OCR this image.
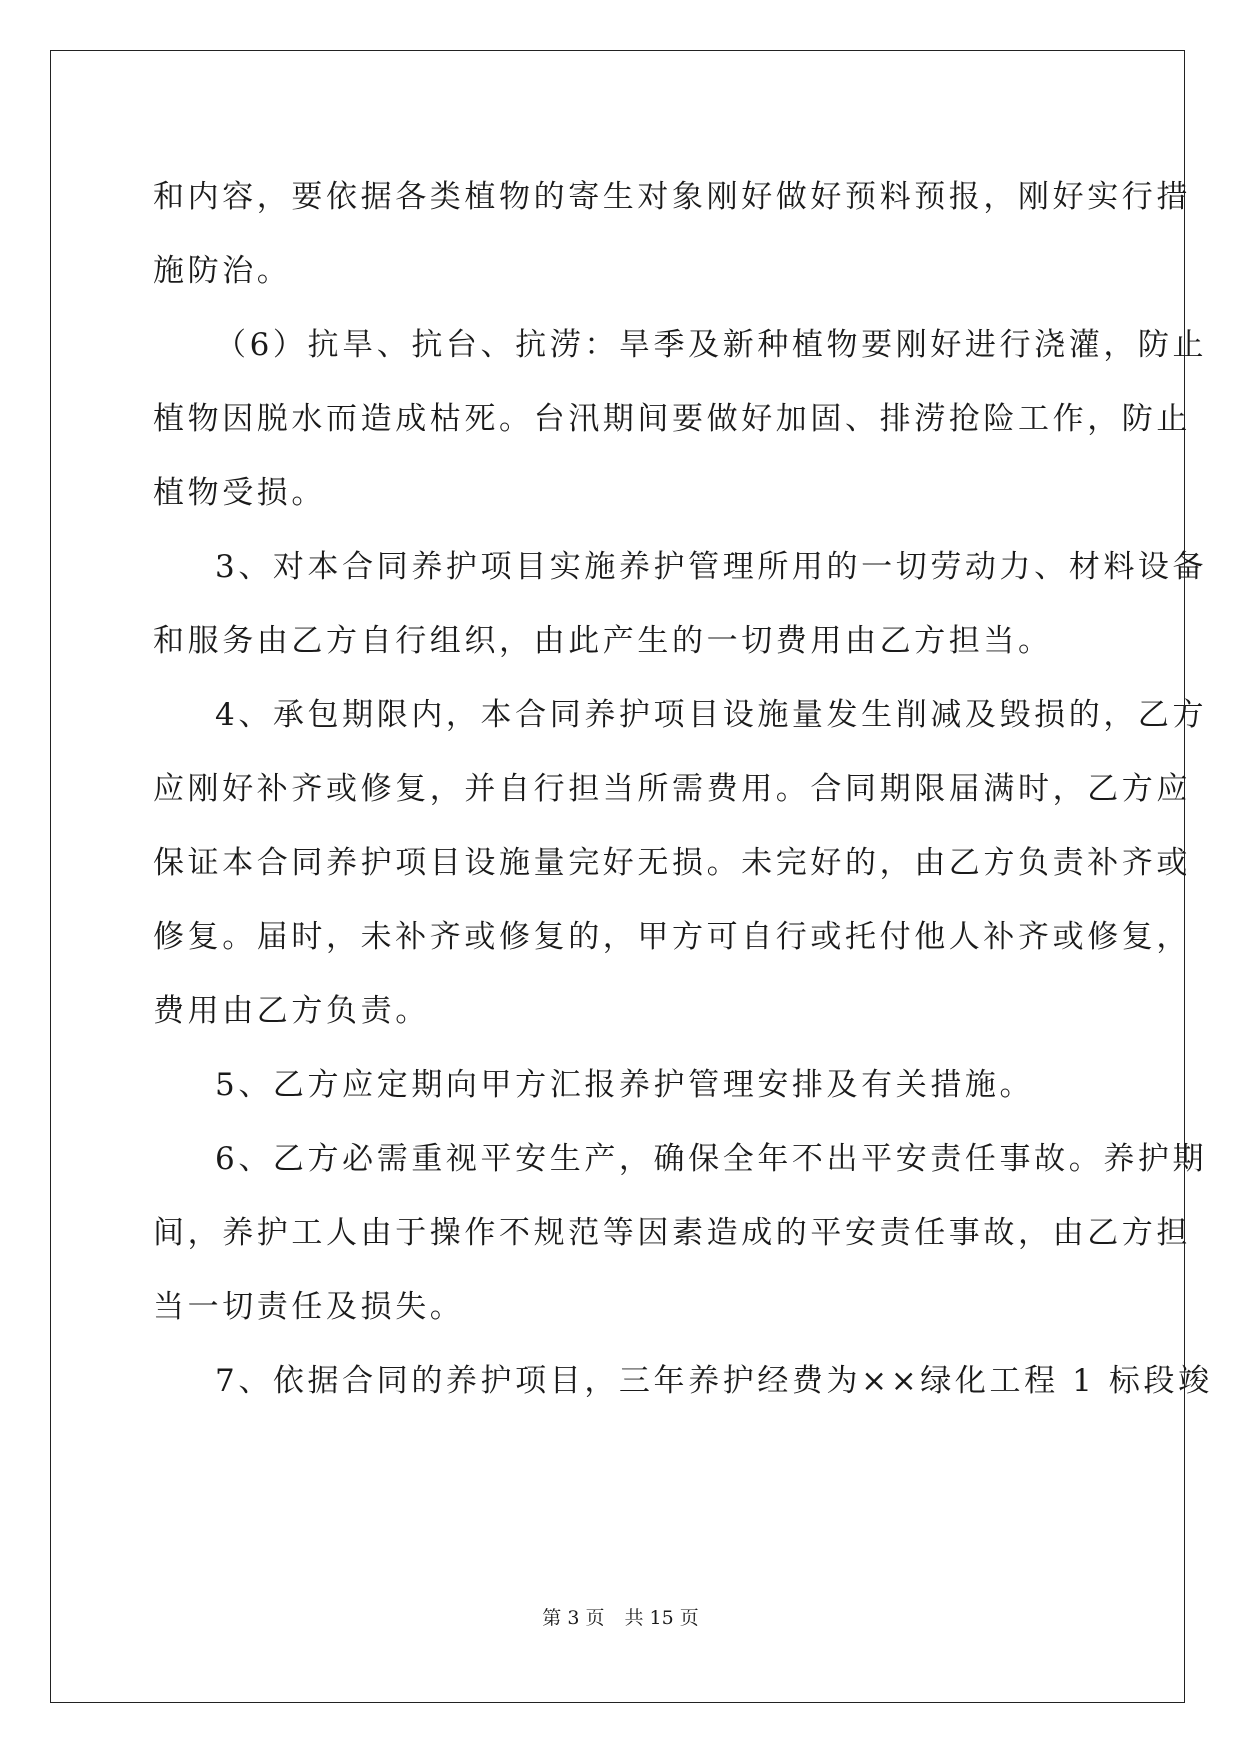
和内容，要依据各类植物的寄生对象刚好做好预料预报，刚好实行措
施防治。
（6）抗旱、抗台、抗涝：旱季及新种植物要刚好进行浇灌，防止
植物因脱水而造成枯死。台汛期间要做好加固、排涝抢险工作，防止
植物受损。
3、对本合同养护项目实施养护管理所用的一切劳动力、材料设备
和服务由乙方自行组织，由此产生的一切费用由乙方担当。
4、承包期限内，本合同养护项目设施量发生削减及毁损的，乙方
应刚好补齐或修复，并自行担当所需费用。合同期限届满时，乙方应
保证本合同养护项目设施量完好无损。未完好的，由乙方负责补齐或
修复。届时，未补齐或修复的，甲方可自行或托付他人补齐或修复，
费用由乙方负责。
5、乙方应定期向甲方汇报养护管理安排及有关措施。
6、乙方必需重视平安生产，确保全年不出平安责任事故。养护期
间，养护工人由于操作不规范等因素造成的平安责任事故，由乙方担
当一切责任及损失。
7、依据合同的养护项目，三年养护经费为××绿化工程 1 标段竣
第 3 页 共 15 页
